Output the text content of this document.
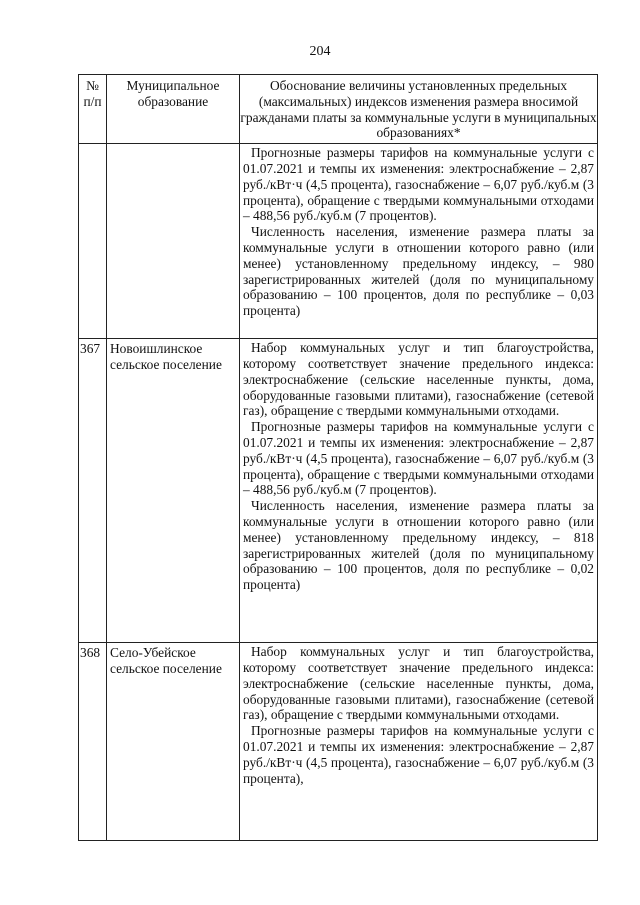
204
№ п/п	Муниципальное образование	Обоснование величины установленных предельных (максимальных) индексов изменения размера вносимой гражданами платы за коммунальные услуги в муниципальных образованиях*

		Прогнозные размеры тарифов на коммунальные услуги с 01.07.2021 и темпы их изменения: электроснабжение – 2,87 руб./кВт·ч (4,5 процента), газоснабжение – 6,07 руб./куб.м (3 процента), обращение с твердыми коммунальными отходами – 488,56 руб./куб.м (7 процентов).

Численность населения, изменение размера платы за коммунальные услуги в отношении которого равно (или менее) установленному предельному индексу, – 980 зарегистрированных жителей (доля по муниципальному образованию – 100 процентов, доля по республике – 0,03 процента)

367	Новоишлинское сельское поселение	Набор коммунальных услуг и тип благоустройства, которому соответствует значение предельного индекса: электроснабжение (сельские населенные пункты, дома, оборудованные газовыми плитами), газоснабжение (сетевой газ), обращение с твердыми коммунальными отходами.

Прогнозные размеры тарифов на коммунальные услуги с 01.07.2021 и темпы их изменения: электроснабжение – 2,87 руб./кВт·ч (4,5 процента), газоснабжение – 6,07 руб./куб.м (3 процента), обращение с твердыми коммунальными отходами – 488,56 руб./куб.м (7 процентов).

Численность населения, изменение размера платы за коммунальные услуги в отношении которого равно (или менее) установленному предельному индексу, – 818 зарегистрированных жителей (доля по муниципальному образованию – 100 процентов, доля по республике – 0,02 процента)

368	Село-Убейское сельское поселение	Набор коммунальных услуг и тип благоустройства, которому соответствует значение предельного индекса: электроснабжение (сельские населенные пункты, дома, оборудованные газовыми плитами), газоснабжение (сетевой газ), обращение с твердыми коммунальными отходами.

Прогнозные размеры тарифов на коммунальные услуги с 01.07.2021 и темпы их изменения: электроснабжение – 2,87 руб./кВт·ч (4,5 процента), газоснабжение – 6,07 руб./куб.м (3 процента),
